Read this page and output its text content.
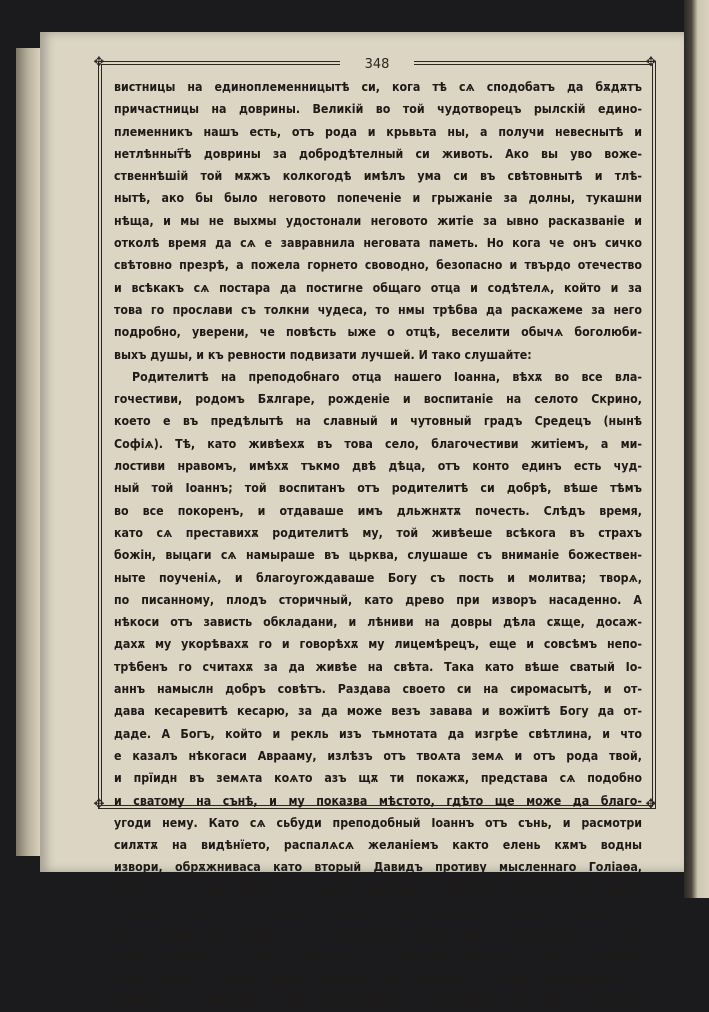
✥	✥
✥	✥
348
вистницы на единоплеменницытѣ си, кога тѣ сѧ сподобатъ да бѫдѫтъ
причастницы на доврины. Великій во той чудотворецъ рылскій едино-
племенникъ нашъ есть, отъ рода и крьвьта ны, а получи невеснытѣ и
нетлѣнныт҃ѣ доврины за добродѣтелный си животь. Ако вы уво воже-
ственнѣшій той мѫжъ колкогодѣ имѣлъ ума си въ свѣтовнытѣ и тлѣ-
нытѣ, ако бы было неговото попеченіе и грыжаніе за долны, тукашни
нѣща, и мы не выхмы удостонали неговото житіе за ывно расказваніе и
отколѣ время да сѧ е завравнила неговата паметь. Но кога че онъ сичко
свѣтовно презрѣ, а пожела горнето своводно, безопасно и твърдо отечество
и всѣкакъ сѧ постара да постигне общаго отца и содѣтелѧ, който и за
това го прослави съ толкни чудеса, то нмы трѣбва да раскажеме за него
подробно, уверени, че повѣсть ыже о отцѣ, веселити обычѧ боголюби-
выхъ душы, и къ ревности подвизати лучшей. И тако слушайте:
Родителитѣ на преподобнаго отца нашего Іоанна, вѣхѫ во все вла-
гочестиви, родомъ Бѫлгаре, рожденіе и воспитаніе на селото Скрино,
което е въ предѣлытѣ на славный и чутовный градъ Средецъ (нынѣ
Софіѧ). Тѣ, като живѣехѫ въ това село, благочестиви житіемъ, а ми-
лостиви нравомъ, имѣхѫ тъкмо двѣ дѣца, отъ конто единъ есть чуд-
ный той Іоаннъ; той воспитанъ отъ родителитѣ си добрѣ, вѣше тѣмъ
во все покоренъ, и отдаваше имъ дльжнѫтѫ почесть. Слѣдъ время,
като сѧ преставихѫ родителитѣ му, той живѣеше всѣкога въ страхъ
божін, выцаги сѧ намыраше въ цьрква, слушаше съ вниманіе божествен-
ныте поученіѧ, и благоугождаваше Богу съ пость и молитва; творѧ,
по писанному, плодъ сторичный, като древо при изворъ насаденно. А
нѣкоси отъ зависть обкладани, и лѣниви на довры дѣла сѫще, досаж-
дахѫ му укорѣвахѫ го и говорѣхѫ му лицемѣрецъ, еще и совсѣмъ непо-
трѣбенъ го считахѫ за да живѣе на свѣта. Така като вѣше сватый Іо-
аннъ намыслн добръ совѣтъ. Раздава своето си на сиромасытѣ, и от-
дава кесаревитѣ кесарю, за да може везъ завава и вожїитѣ Богу да от-
даде. А Богъ, който и рекль изъ тьмнотата да изгрѣе свѣтлина, и что
е казалъ нѣкогаси Аврааму, излѣзъ отъ твоѧта земѧ и отъ рода твой,
и прїидн въ земѧта коѧто азъ щѫ ти покажѫ, представа сѧ подобно
и сватому на сънѣ, и му показва мѣстото, гдѣто ще може да благо-
угоди нему. Като сѧ сьбуди преподобный Іоаннъ отъ сънь, и расмотри
силѫтѫ на видѣнїето, распалѧсѧ желаніемъ както елень кѫмъ водны
извори, обрѫжниваса като вторый Давидъ противу мысленнаго Голіаѳа,
намѣсто съ три камыка съ вѣра, надежда и лывовь, обличаса въ вронѧ
правды, возлага и шлемъ спасенїѧ божественный покровъ казвамъ, и
като отиде въ единъ отъ окрестнытѣ манастыри, пострыгваса и от-
махва власытѣ си сосъ страстытѣ и похотытѣ заедно: и като постовал
тамо, малко нѣкое время колкото за обученіе, остава земленнытѣ и
земнытѣ, и пепелнытѣ на прѣстенннытѣ, излѣзнува изъ мїра, конечно,
